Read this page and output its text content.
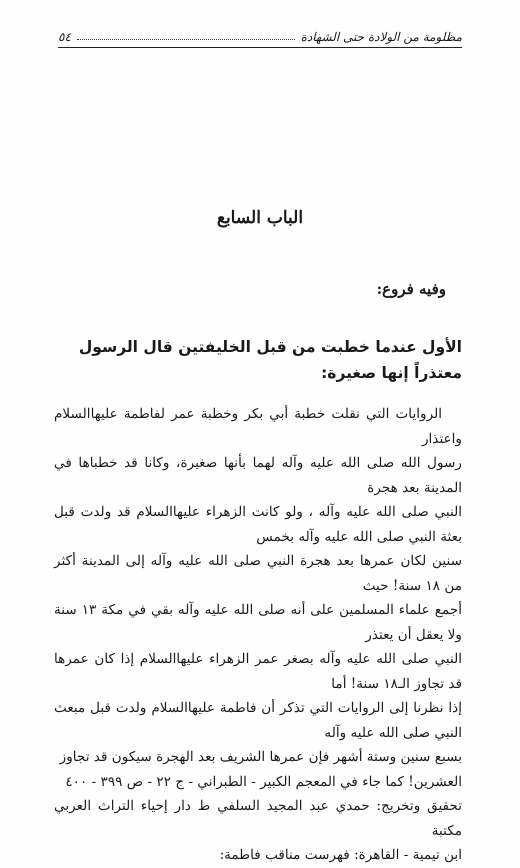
مظلومة من الولادة حتى الشهادة
٥٤
الباب السابع
وفيه فروع:
الأول عندما خطبت من قبل الخليفتين قال الرسول معتذراً إنها صغيرة:

الروايات التي نقلت خطبة أبي بكر وخطبة عمر لفاطمة عليهاالسلام واعتذار

رسول الله صلى الله عليه وآله لهما بأنها صغيرة، وكانا قد خطباها في المدينة بعد هجرة

النبي صلى الله عليه وآله ، ولو كانت الزهراء عليهاالسلام قد ولدت قبل بعثة النبي صلى الله عليه وآله بخمس

سنين لكان عمرها بعد هجرة النبي صلى الله عليه وآله إلى المدينة أكثر من ١٨ سنة! حيث

أجمع علماء المسلمين على أنه صلى الله عليه وآله بقي في مكة ١٣ سنة ولا يعقل أن يعتذر

النبي صلى الله عليه وآله بصغر عمر الزهراء عليهاالسلام إذا كان عمرها قد تجاوز الـ١٨ سنة! أما

إذا نظرنا إلى الروايات التي تذكر أن فاطمة عليهاالسلام ولدت قبل مبعث النبي صلى الله عليه وآله

بسبع سنين وستة أشهر فإن عمرها الشريف بعد الهجرة سيكون قد تجاوز

العشرين! كما جاء في المعجم الكبير - الطبراني - ج ٢٢ - ص ٣٩٩ - ٤٠٠

تحقيق وتخريج: حمدي عبد المجيد السلفي ط دار إحياء التراث العربي مكتبة

ابن تيمية - القاهرة: فهرست مناقب فاطمة:
